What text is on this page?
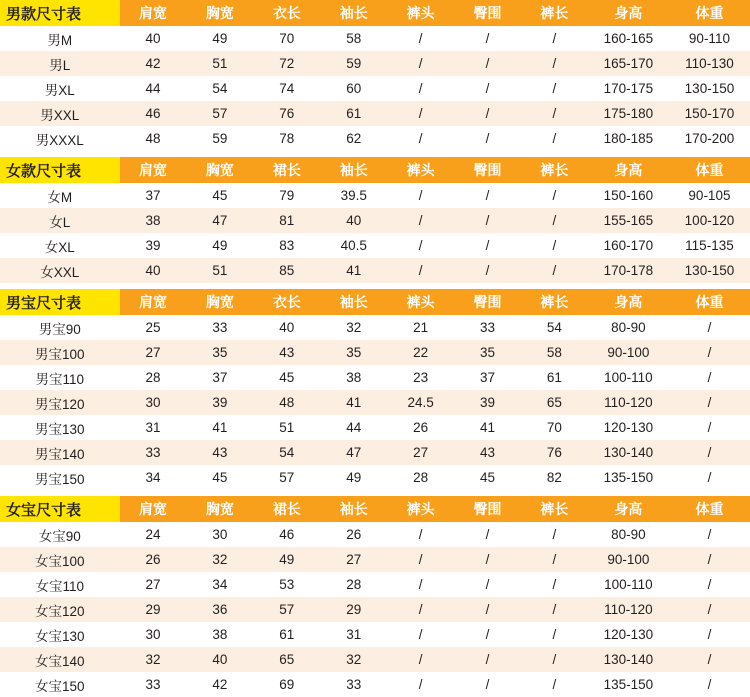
男款尺寸表	肩宽	胸宽	衣长	袖长	裤头	臀围	裤长	身高	体重
男M	40	49	70	58	/	/	/	160-165	90-110
男L	42	51	72	59	/	/	/	165-170	110-130
男XL	44	54	74	60	/	/	/	170-175	130-150
男XXL	46	57	76	61	/	/	/	175-180	150-170
男XXXL	48	59	78	62	/	/	/	180-185	170-200
女款尺寸表	肩宽	胸宽	裙长	袖长	裤头	臀围	裤长	身高	体重
女M	37	45	79	39.5	/	/	/	150-160	90-105
女L	38	47	81	40	/	/	/	155-165	100-120
女XL	39	49	83	40.5	/	/	/	160-170	115-135
女XXL	40	51	85	41	/	/	/	170-178	130-150
男宝尺寸表	肩宽	胸宽	衣长	袖长	裤头	臀围	裤长	身高	体重
男宝90	25	33	40	32	21	33	54	80-90	/
男宝100	27	35	43	35	22	35	58	90-100	/
男宝110	28	37	45	38	23	37	61	100-110	/
男宝120	30	39	48	41	24.5	39	65	110-120	/
男宝130	31	41	51	44	26	41	70	120-130	/
男宝140	33	43	54	47	27	43	76	130-140	/
男宝150	34	45	57	49	28	45	82	135-150	/
女宝尺寸表	肩宽	胸宽	裙长	袖长	裤头	臀围	裤长	身高	体重
女宝90	24	30	46	26	/	/	/	80-90	/
女宝100	26	32	49	27	/	/	/	90-100	/
女宝110	27	34	53	28	/	/	/	100-110	/
女宝120	29	36	57	29	/	/	/	110-120	/
女宝130	30	38	61	31	/	/	/	120-130	/
女宝140	32	40	65	32	/	/	/	130-140	/
女宝150	33	42	69	33	/	/	/	135-150	/
